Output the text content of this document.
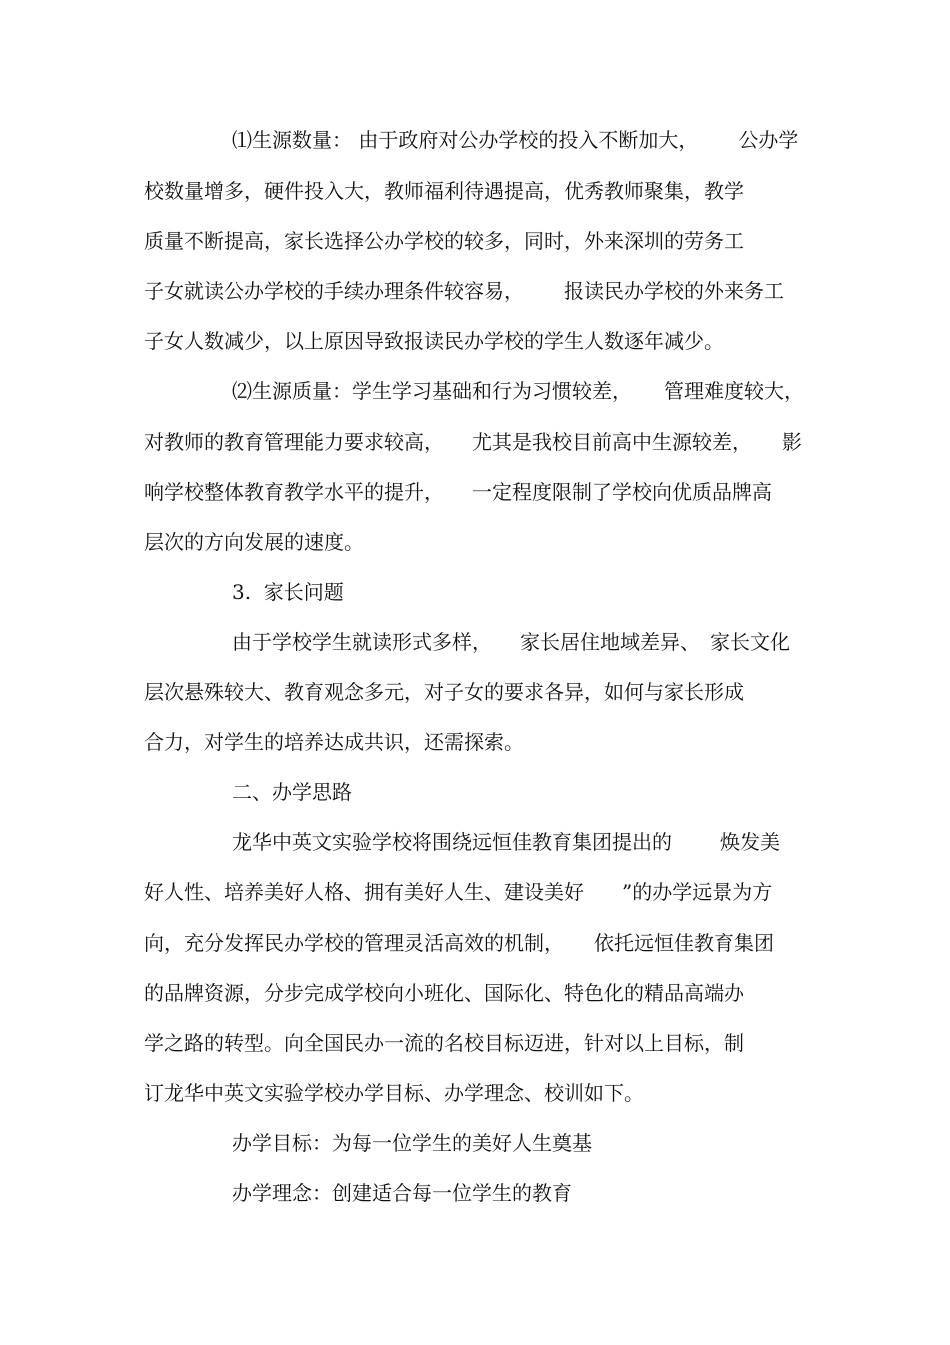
⑴生源数量： 由于政府对公办学校的投入不断加大， 公办学
校数量增多，硬件投入大，教师福利待遇提高，优秀教师聚集，教学
质量不断提高，家长选择公办学校的较多，同时，外来深圳的劳务工
子女就读公办学校的手续办理条件较容易， 报读民办学校的外来务工
子女人数减少，以上原因导致报读民办学校的学生人数逐年减少。
⑵生源质量：学生学习基础和行为习惯较差， 管理难度较大，
对教师的教育管理能力要求较高， 尤其是我校目前高中生源较差， 影
响学校整体教育教学水平的提升， 一定程度限制了学校向优质品牌高
层次的方向发展的速度。
3.  家长问题
由于学校学生就读形式多样， 家长居住地域差异、 家长文化
层次悬殊较大、教育观念多元，对子女的要求各异，如何与家长形成
合力，对学生的培养达成共识，还需探索。
二、办学思路
龙华中英文实验学校将围绕远恒佳教育集团提出的 焕发美
好人性、培养美好人格、拥有美好人生、建设美好 ”的办学远景为方
向，充分发挥民办学校的管理灵活高效的机制， 依托远恒佳教育集团
的品牌资源，分步完成学校向小班化、国际化、特色化的精品高端办
学之路的转型。向全国民办一流的名校目标迈进，针对以上目标，制
订龙华中英文实验学校办学目标、办学理念、校训如下。
办学目标：为每一位学生的美好人生奠基
办学理念：创建适合每一位学生的教育
